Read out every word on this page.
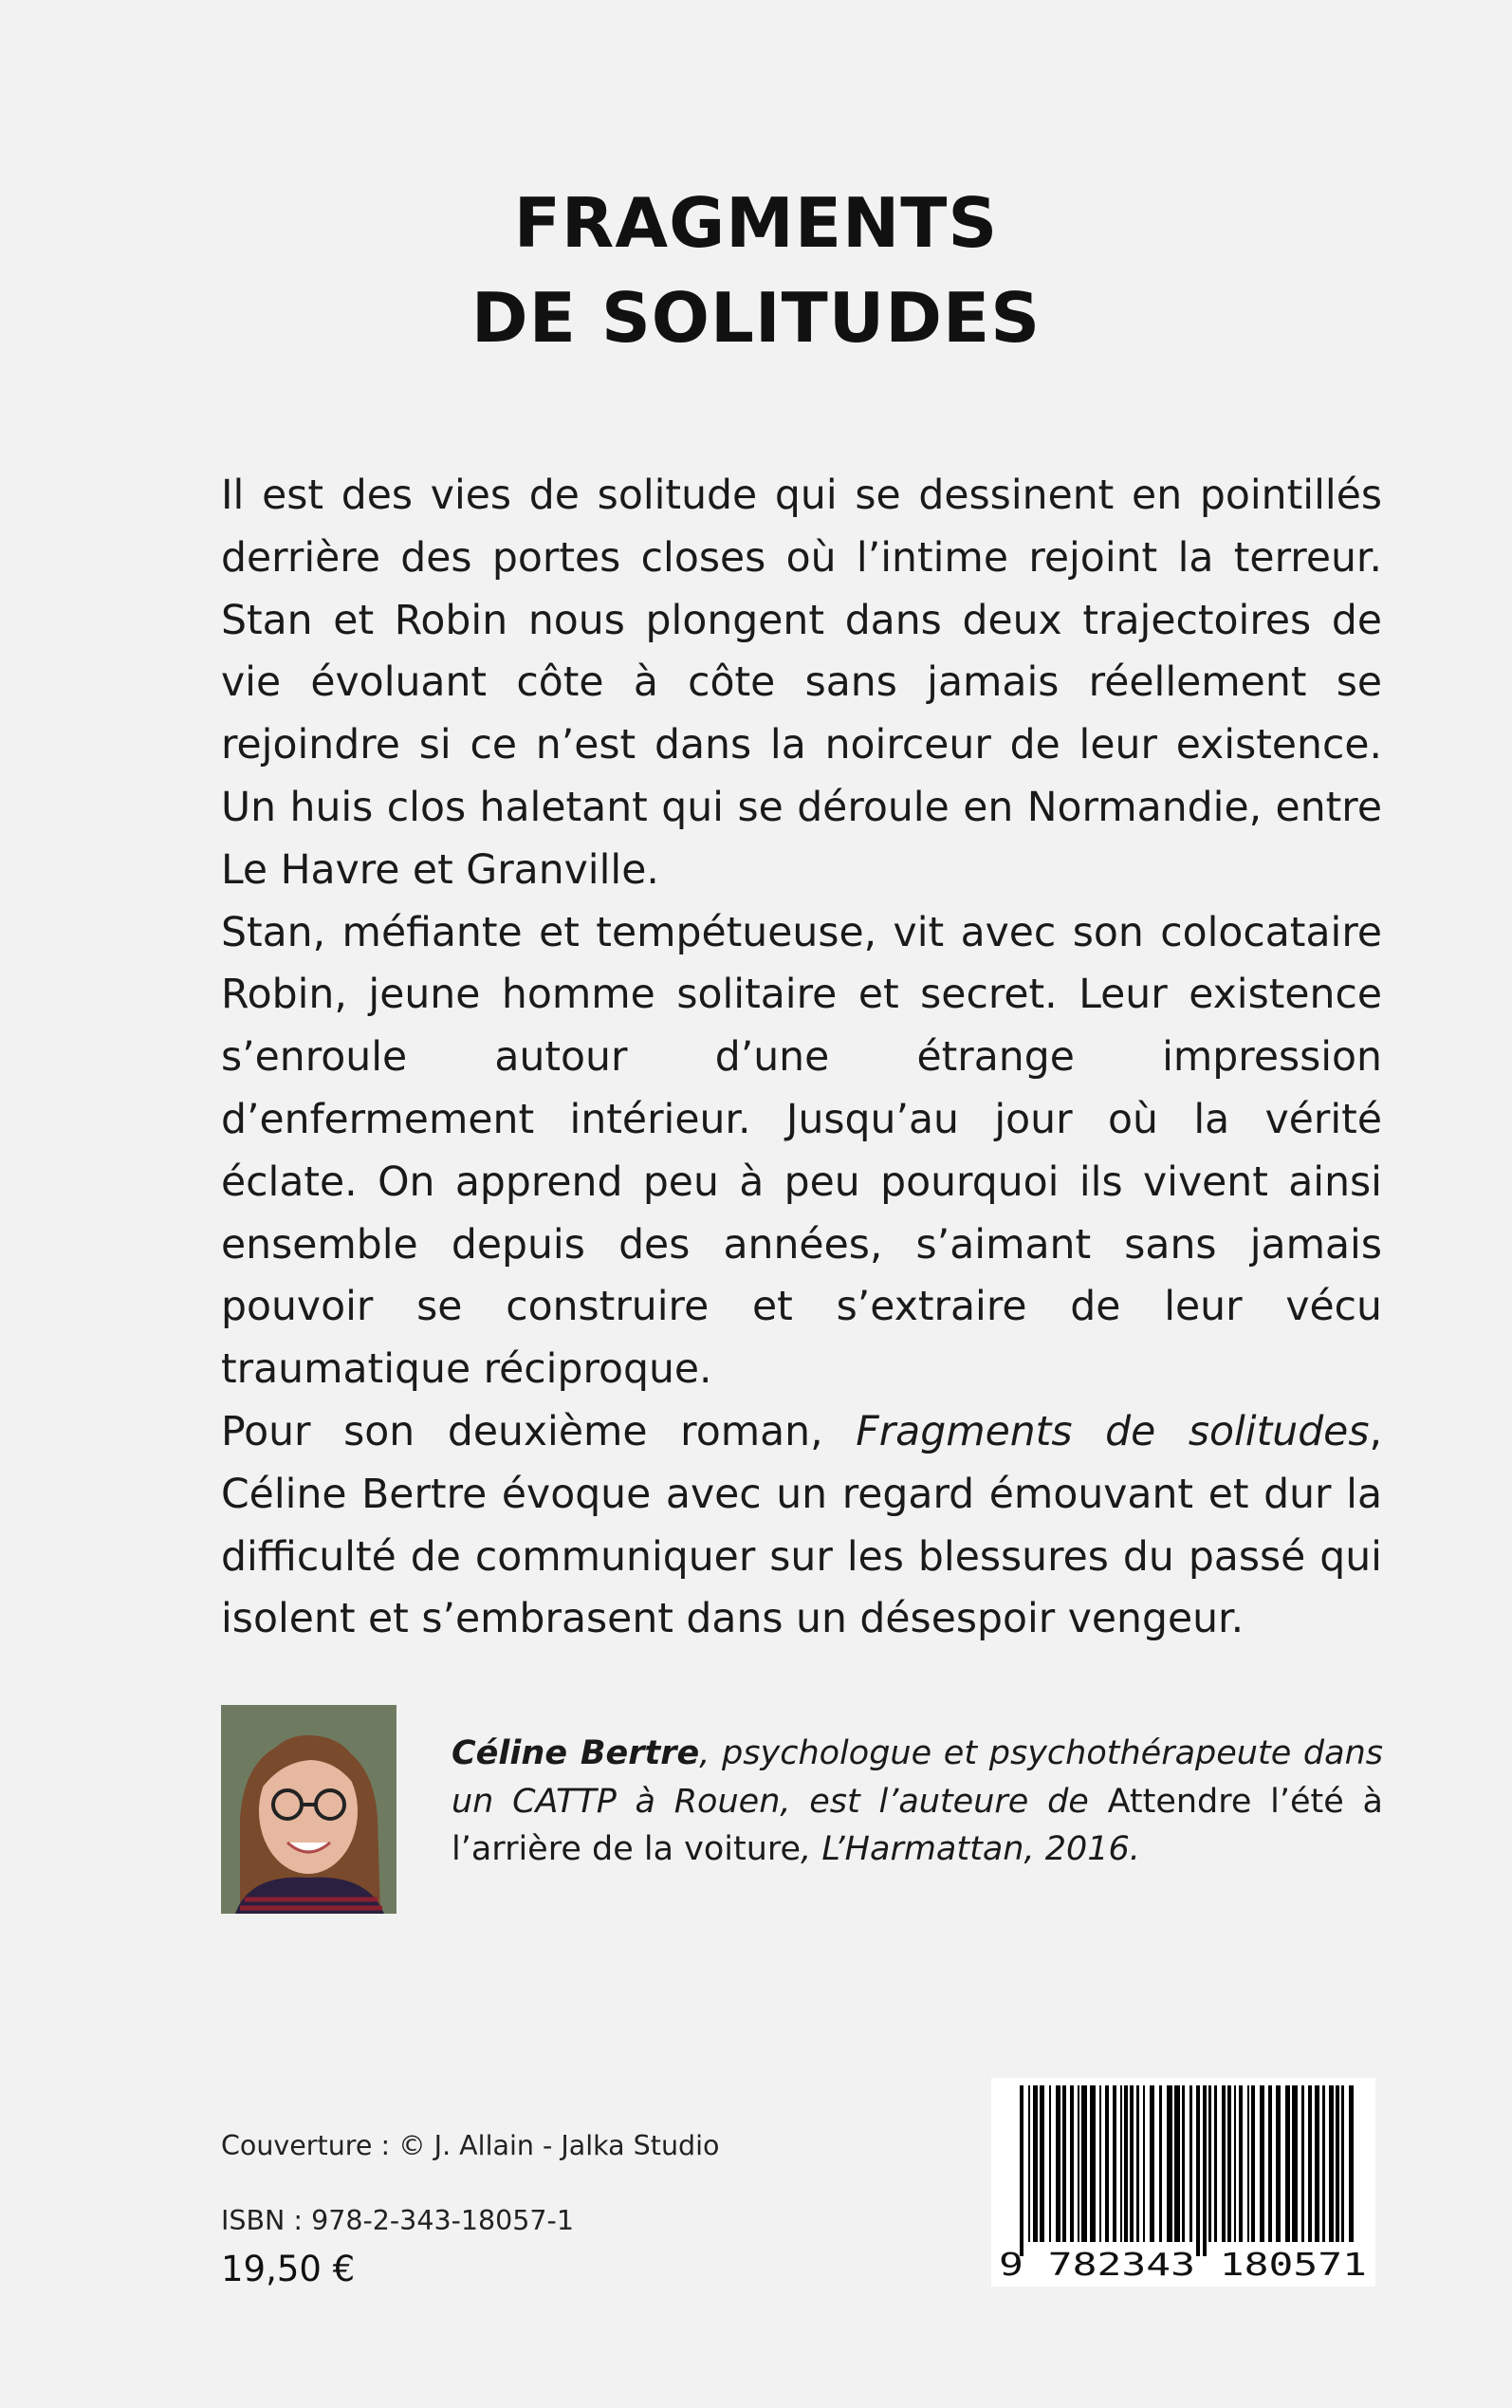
FRAGMENTS
DE SOLITUDES

Il est des vies de solitude qui se dessinent en pointillés derrière des portes closes où l’intime rejoint la terreur. Stan et Robin nous plongent dans deux trajectoires de vie évoluant côte à côte sans jamais réellement se rejoindre si ce n’est dans la noirceur de leur existence. Un huis clos haletant qui se déroule en Normandie, entre Le Havre et Granville.

Stan, méfiante et tempétueuse, vit avec son colocataire Robin, jeune homme solitaire et secret. Leur existence s’enroule autour d’une étrange impression d’enfermement intérieur. Jusqu’au jour où la vérité éclate. On apprend peu à peu pourquoi ils vivent ainsi ensemble depuis des années, s’aimant sans jamais pouvoir se construire et s’extraire de leur vécu traumatique réciproque.

Pour son deuxième roman, Fragments de solitudes, Céline Bertre évoque avec un regard émouvant et dur la difficulté de communiquer sur les blessures du passé qui isolent et s’embrasent dans un désespoir vengeur.

Céline Bertre, psychologue et psychothérapeute dans un CATTP à Rouen, est l’auteure de Attendre l’été à l’arrière de la voiture, L’Harmattan, 2016.
Couverture : © J. Allain - Jalka Studio
ISBN : 978-2-343-18057-1
19,50 €	9 782343 180571
